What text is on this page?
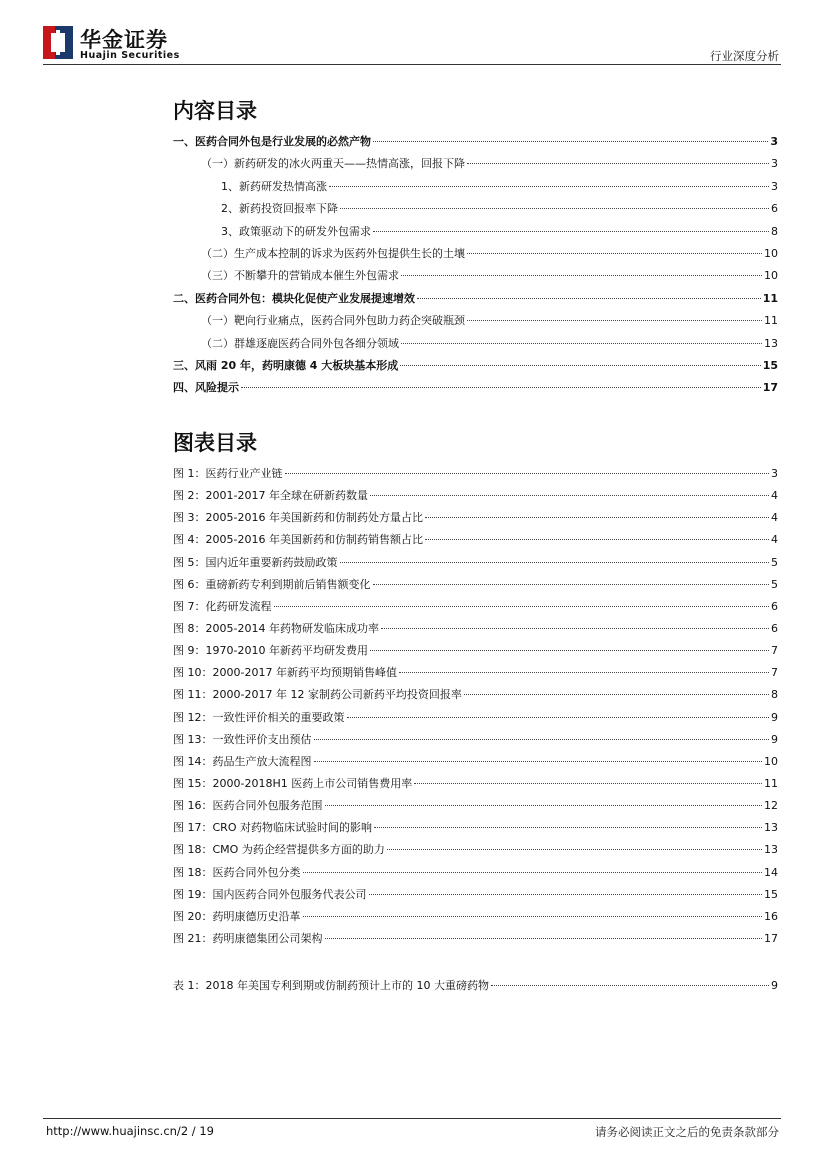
华金证券
Huajin Securities	行业深度分析
内容目录
一、医药合同外包是行业发展的必然产物	3
（一）新药研发的冰火两重天——热情高涨，回报下降	3
1、新药研发热情高涨	3
2、新药投资回报率下降	6
3、政策驱动下的研发外包需求	8
（二）生产成本控制的诉求为医药外包提供生长的土壤	10
（三）不断攀升的营销成本催生外包需求	10
二、医药合同外包：模块化促使产业发展提速增效	11
（一）靶向行业痛点，医药合同外包助力药企突破瓶颈	11
（二）群雄逐鹿医药合同外包各细分领域	13
三、风雨 20 年，药明康德 4 大板块基本形成	15
四、风险提示	17
图表目录
图 1：医药行业产业链	3
图 2：2001-2017 年全球在研新药数量	4
图 3：2005-2016 年美国新药和仿制药处方量占比	4
图 4：2005-2016 年美国新药和仿制药销售额占比	4
图 5：国内近年重要新药鼓励政策	5
图 6：重磅新药专利到期前后销售额变化	5
图 7：化药研发流程	6
图 8：2005-2014 年药物研发临床成功率	6
图 9：1970-2010 年新药平均研发费用	7
图 10：2000-2017 年新药平均预期销售峰值	7
图 11：2000-2017 年 12 家制药公司新药平均投资回报率	8
图 12：一致性评价相关的重要政策	9
图 13：一致性评价支出预估	9
图 14：药品生产放大流程图	10
图 15：2000-2018H1 医药上市公司销售费用率	11
图 16：医药合同外包服务范围	12
图 17：CRO 对药物临床试验时间的影响	13
图 18：CMO 为药企经营提供多方面的助力	13
图 18：医药合同外包分类	14
图 19：国内医药合同外包服务代表公司	15
图 20：药明康德历史沿革	16
图 21：药明康德集团公司架构	17
表 1：2018 年美国专利到期或仿制药预计上市的 10 大重磅药物	9
http://www.huajinsc.cn/2 / 19	请务必阅读正文之后的免责条款部分
